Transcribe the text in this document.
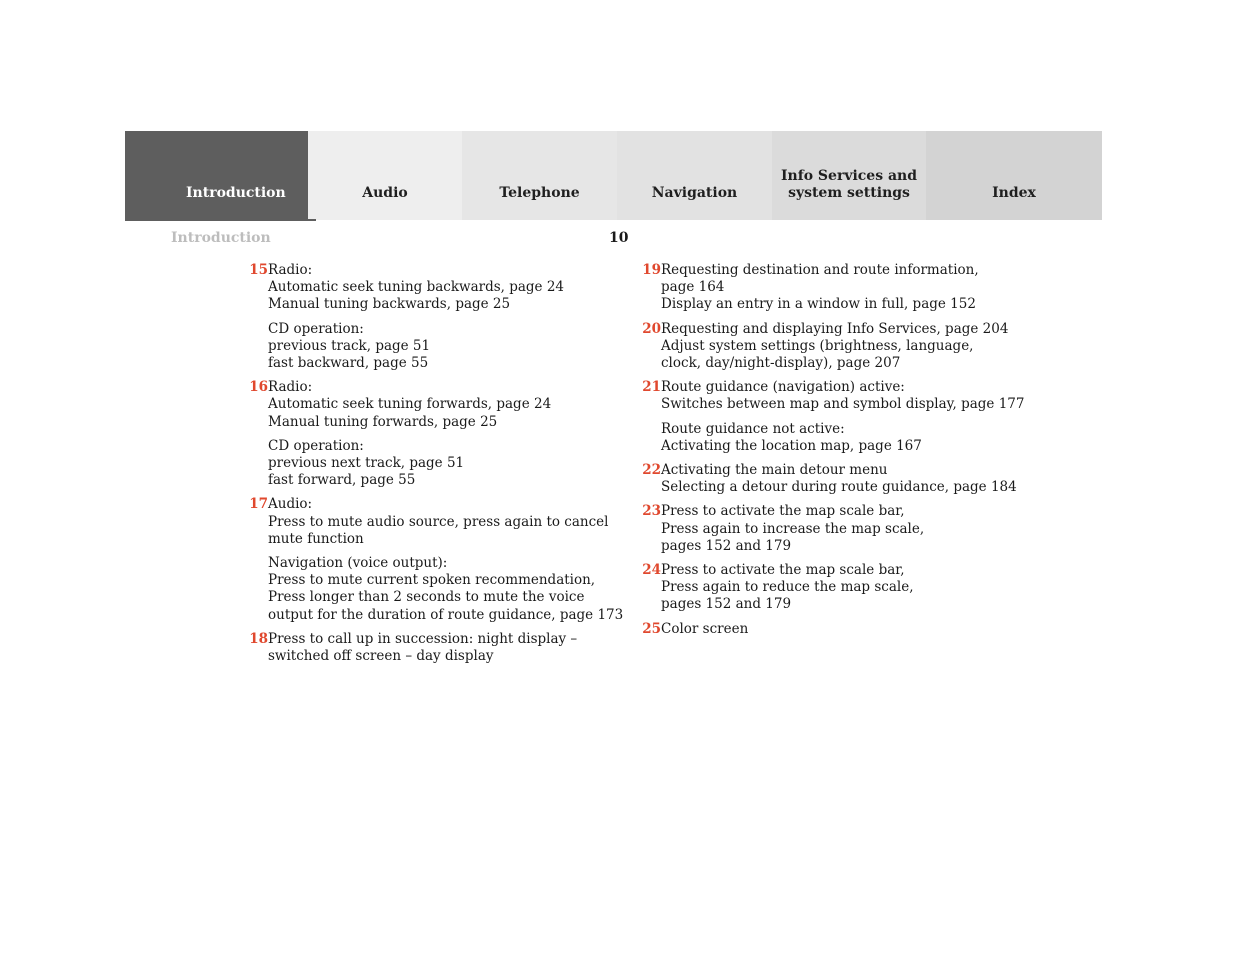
Introduction	Audio	Telephone	Navigation
Info Services and
system settings	Index
Introduction	10
15 Radio:
Automatic seek tuning backwards, page 24
Manual tuning backwards, page 25
CD operation:
previous track, page 51
fast backward, page 55
16 Radio:
Automatic seek tuning forwards, page 24
Manual tuning forwards, page 25
CD operation:
previous next track, page 51
fast forward, page 55
17 Audio:
Press to mute audio source, press again to cancel
mute function
Navigation (voice output):
Press to mute current spoken recommendation,
Press longer than 2 seconds to mute the voice
output for the duration of route guidance, page 173
18 Press to call up in succession: night display –
switched off screen – day display
19 Requesting destination and route information,
page 164
Display an entry in a window in full, page 152
20 Requesting and displaying Info Services, page 204
Adjust system settings (brightness, language,
clock, day/night-display), page 207
21 Route guidance (navigation) active:
Switches between map and symbol display, page 177
Route guidance not active:
Activating the location map, page 167
22 Activating the main detour menu
Selecting a detour during route guidance, page 184
23 Press to activate the map scale bar,
Press again to increase the map scale,
pages 152 and 179
24 Press to activate the map scale bar,
Press again to reduce the map scale,
pages 152 and 179
25 Color screen
